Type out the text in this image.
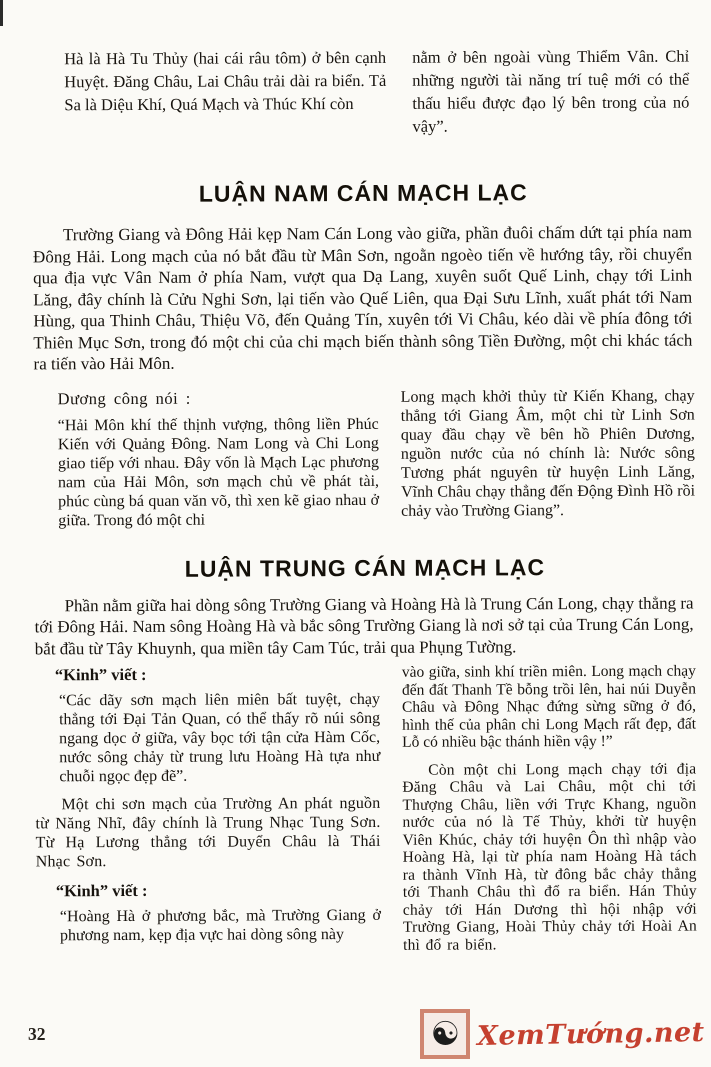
Hà là Hà Tu Thủy (hai cái râu tôm) ở bên cạnh Huyệt. Đăng Châu, Lai Châu trải dài ra biển. Tả Sa là Diệu Khí, Quá Mạch và Thúc Khí còn

nằm ở bên ngoài vùng Thiểm Vân. Chỉ những người tài năng trí tuệ mới có thể thấu hiểu được đạo lý bên trong của nó vậy”.

LUẬN NAM CÁN MẠCH LẠC

Trường Giang và Đông Hải kẹp Nam Cán Long vào giữa, phần đuôi chấm dứt tại phía nam Đông Hải. Long mạch của nó bắt đầu từ Mân Sơn, ngoằn ngoèo tiến về hướng tây, rồi chuyển qua địa vực Vân Nam ở phía Nam, vượt qua Dạ Lang, xuyên suốt Quế Linh, chạy tới Linh Lăng, đây chính là Cửu Nghi Sơn, lại tiến vào Quế Liên, qua Đại Sưu Lĩnh, xuất phát tới Nam Hùng, qua Thinh Châu, Thiệu Võ, đến Quảng Tín, xuyên tới Vi Châu, kéo dài về phía đông tới Thiên Mục Sơn, trong đó một chi của chi mạch biến thành sông Tiền Đường, một chi khác tách ra tiến vào Hải Môn.

Dương công nói :

“Hải Môn khí thế thịnh vượng, thông liền Phúc Kiến với Quảng Đông. Nam Long và Chi Long giao tiếp với nhau. Đây vốn là Mạch Lạc phương nam của Hải Môn, sơn mạch chủ về phát tài, phúc cùng bá quan văn võ, thì xen kẽ giao nhau ở giữa. Trong đó một chi

Long mạch khởi thủy từ Kiến Khang, chạy thẳng tới Giang Âm, một chi từ Linh Sơn quay đầu chạy về bên hồ Phiên Dương, nguồn nước của nó chính là: Nước sông Tương phát nguyên từ huyện Linh Lăng, Vĩnh Châu chạy thẳng đến Động Đình Hồ rồi chảy vào Trường Giang”.

LUẬN TRUNG CÁN MẠCH LẠC

Phần nằm giữa hai dòng sông Trường Giang và Hoàng Hà là Trung Cán Long, chạy thẳng ra tới Đông Hải. Nam sông Hoàng Hà và bắc sông Trường Giang là nơi sở tại của Trung Cán Long, bắt đầu từ Tây Khuynh, qua miền tây Cam Túc, trải qua Phụng Tường.

“Kinh” viết :

“Các dãy sơn mạch liên miên bất tuyệt, chạy thẳng tới Đại Tản Quan, có thể thấy rõ núi sông ngang dọc ở giữa, vây bọc tới tận cửa Hàm Cốc, nước sông chảy từ trung lưu Hoàng Hà tựa như chuỗi ngọc đẹp đẽ”.

Một chi sơn mạch của Trường An phát nguồn từ Năng Nhĩ, đây chính là Trung Nhạc Tung Sơn. Từ Hạ Lương thẳng tới Duyển Châu là Thái Nhạc Sơn.

“Kinh” viết :

“Hoàng Hà ở phương bắc, mà Trường Giang ở phương nam, kẹp địa vực hai dòng sông này

vào giữa, sinh khí triền miên. Long mạch chạy đến đất Thanh Tề bỗng trồi lên, hai núi Duyễn Châu và Đông Nhạc đứng sừng sững ở đó, hình thế của phân chi Long Mạch rất đẹp, đất Lỗ có nhiều bậc thánh hiền vậy !”

Còn một chi Long mạch chạy tới địa Đăng Châu và Lai Châu, một chi tới Thượng Châu, liền với Trực Khang, nguồn nước của nó là Tế Thủy, khởi từ huyện Viên Khúc, chảy tới huyện Ôn thì nhập vào Hoàng Hà, lại từ phía nam Hoàng Hà tách ra thành Vĩnh Hà, từ đông bắc chảy thẳng tới Thanh Châu thì đổ ra biển. Hán Thủy chảy tới Hán Dương thì hội nhập với Trường Giang, Hoài Thủy chảy tới Hoài An thì đổ ra biển.

32	☯ XemTướng.net
